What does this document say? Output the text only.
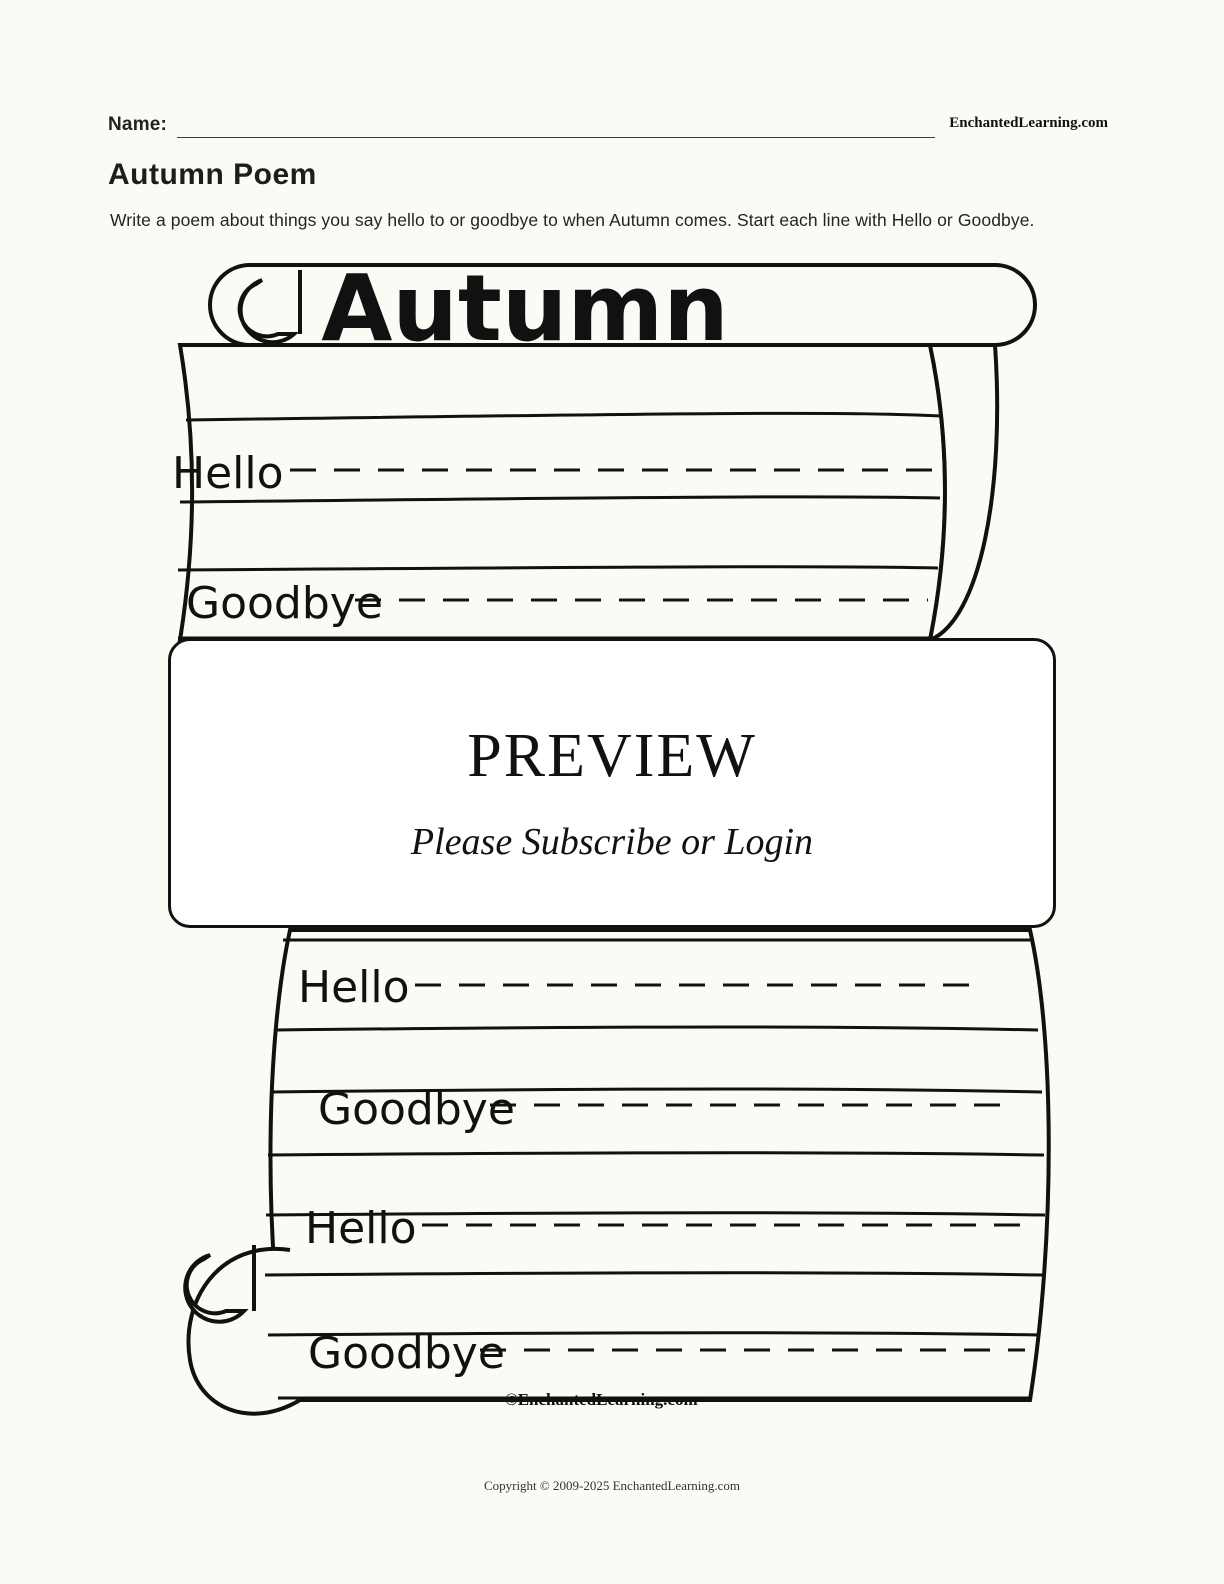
Name:	EnchantedLearning.com
Autumn Poem
Write a poem about things you say hello to or goodbye to when Autumn comes. Start each line with Hello or Goodbye.
Autumn
Hello
Goodbye
Hello
Goodbye
Hello
Goodbye
©EnchantedLearning.com
PREVIEW
Please Subscribe or Login
Copyright © 2009-2025 EnchantedLearning.com
